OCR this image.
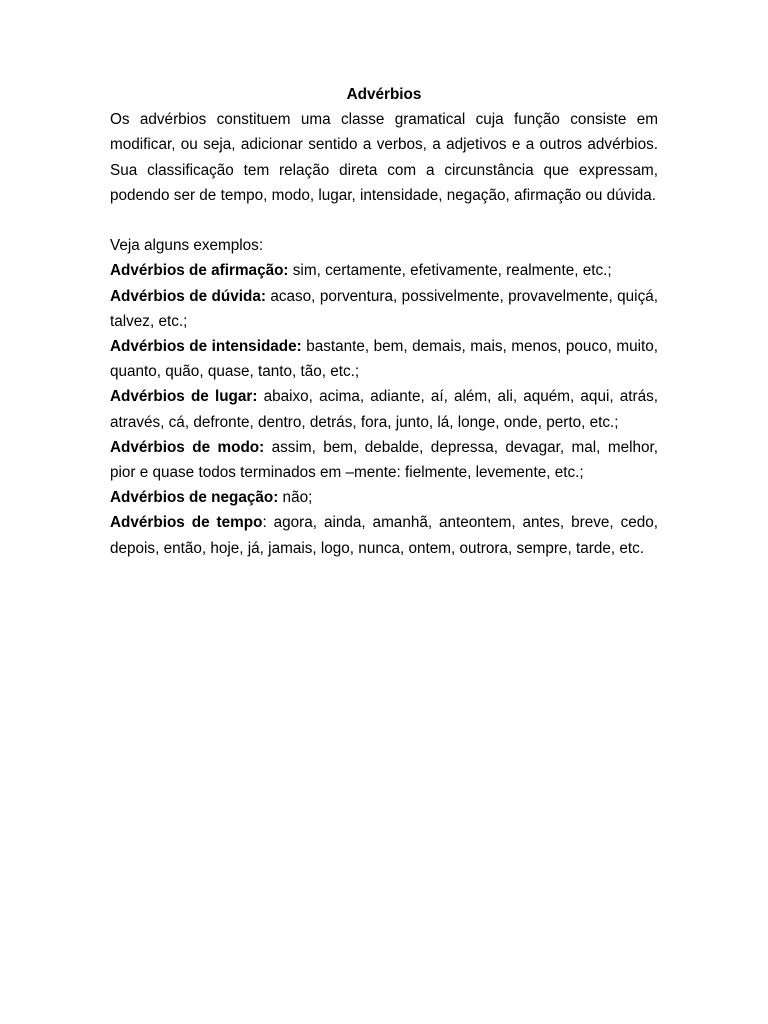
Advérbios

Os advérbios constituem uma classe gramatical cuja função consiste em modificar, ou seja, adicionar sentido a verbos, a adjetivos e a outros advérbios. Sua classificação tem relação direta com a circunstância que expressam, podendo ser de tempo, modo, lugar, intensidade, negação, afirmação ou dúvida.

Veja alguns exemplos:

Advérbios de afirmação: sim, certamente, efetivamente, realmente, etc.;

Advérbios de dúvida: acaso, porventura, possivelmente, provavelmente, quiçá, talvez, etc.;

Advérbios de intensidade: bastante, bem, demais, mais, menos, pouco, muito, quanto, quão, quase, tanto, tão, etc.;

Advérbios de lugar: abaixo, acima, adiante, aí, além, ali, aquém, aqui, atrás, através, cá, defronte, dentro, detrás, fora, junto, lá, longe, onde, perto, etc.;

Advérbios de modo: assim, bem, debalde, depressa, devagar, mal, melhor, pior e quase todos terminados em –mente: fielmente, levemente, etc.;

Advérbios de negação: não;

Advérbios de tempo: agora, ainda, amanhã, anteontem, antes, breve, cedo, depois, então, hoje, já, jamais, logo, nunca, ontem, outrora, sempre, tarde, etc.
